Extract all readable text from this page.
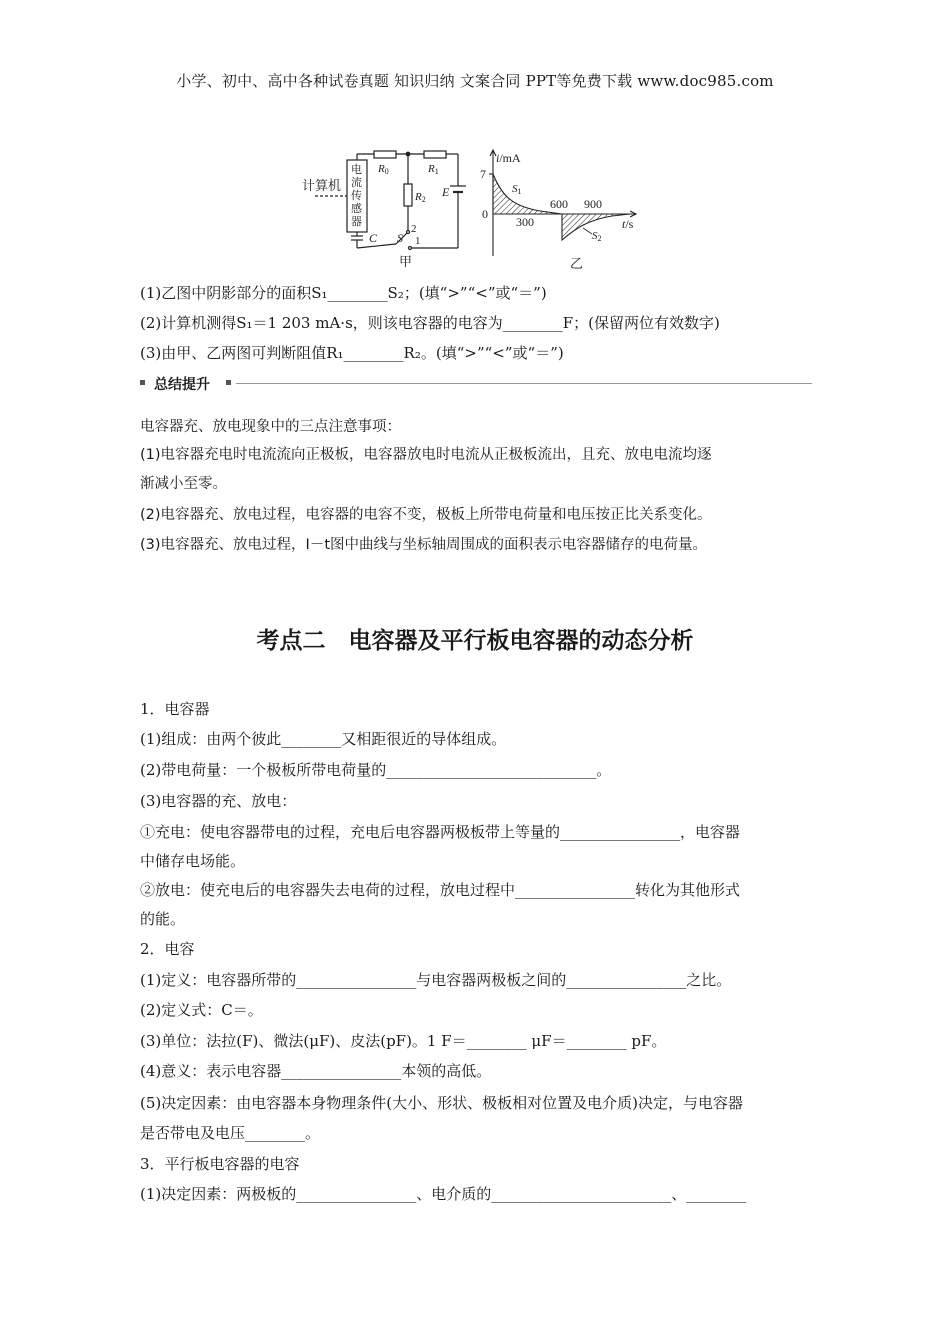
小学、初中、高中各种试卷真题 知识归纳 文案合同 PPT等免费下载 www.doc985.com
计算机
电
流
传
感
器
R0	R1
R2
E
C S
2
1
甲
i/mA
7
0
S1
300
600 900
t/s
S2
乙
(1)乙图中阴影部分的面积S₁________S₂；(填“>”“<”或“＝”)
(2)计算机测得S₁＝1 203 mA·s，则该电容器的电容为________F；(保留两位有效数字)
(3)由甲、乙两图可判断阻值R₁________R₂。(填“>”“<”或“＝”)
总结提升
电容器充、放电现象中的三点注意事项：
(1)电容器充电时电流流向正极板，电容器放电时电流从正极板流出，且充、放电电流均逐
渐减小至零。
(2)电容器充、放电过程，电容器的电容不变，极板上所带电荷量和电压按正比关系变化。
(3)电容器充、放电过程，I－t图中曲线与坐标轴周围成的面积表示电容器储存的电荷量。
考点二　电容器及平行板电容器的动态分析
1．电容器
(1)组成：由两个彼此________又相距很近的导体组成。
(2)带电荷量：一个极板所带电荷量的____________________________。
(3)电容器的充、放电：
①充电：使电容器带电的过程，充电后电容器两极板带上等量的________________，电容器
中储存电场能。
②放电：使充电后的电容器失去电荷的过程，放电过程中________________转化为其他形式
的能。
2．电容
(1)定义：电容器所带的________________与电容器两极板之间的________________之比。
(2)定义式：C＝。
(3)单位：法拉(F)、微法(μF)、皮法(pF)。1 F＝________ μF＝________ pF。
(4)意义：表示电容器________________本领的高低。
(5)决定因素：由电容器本身物理条件(大小、形状、极板相对位置及电介质)决定，与电容器
是否带电及电压________。
3．平行板电容器的电容
(1)决定因素：两极板的________________、电介质的________________________、________
